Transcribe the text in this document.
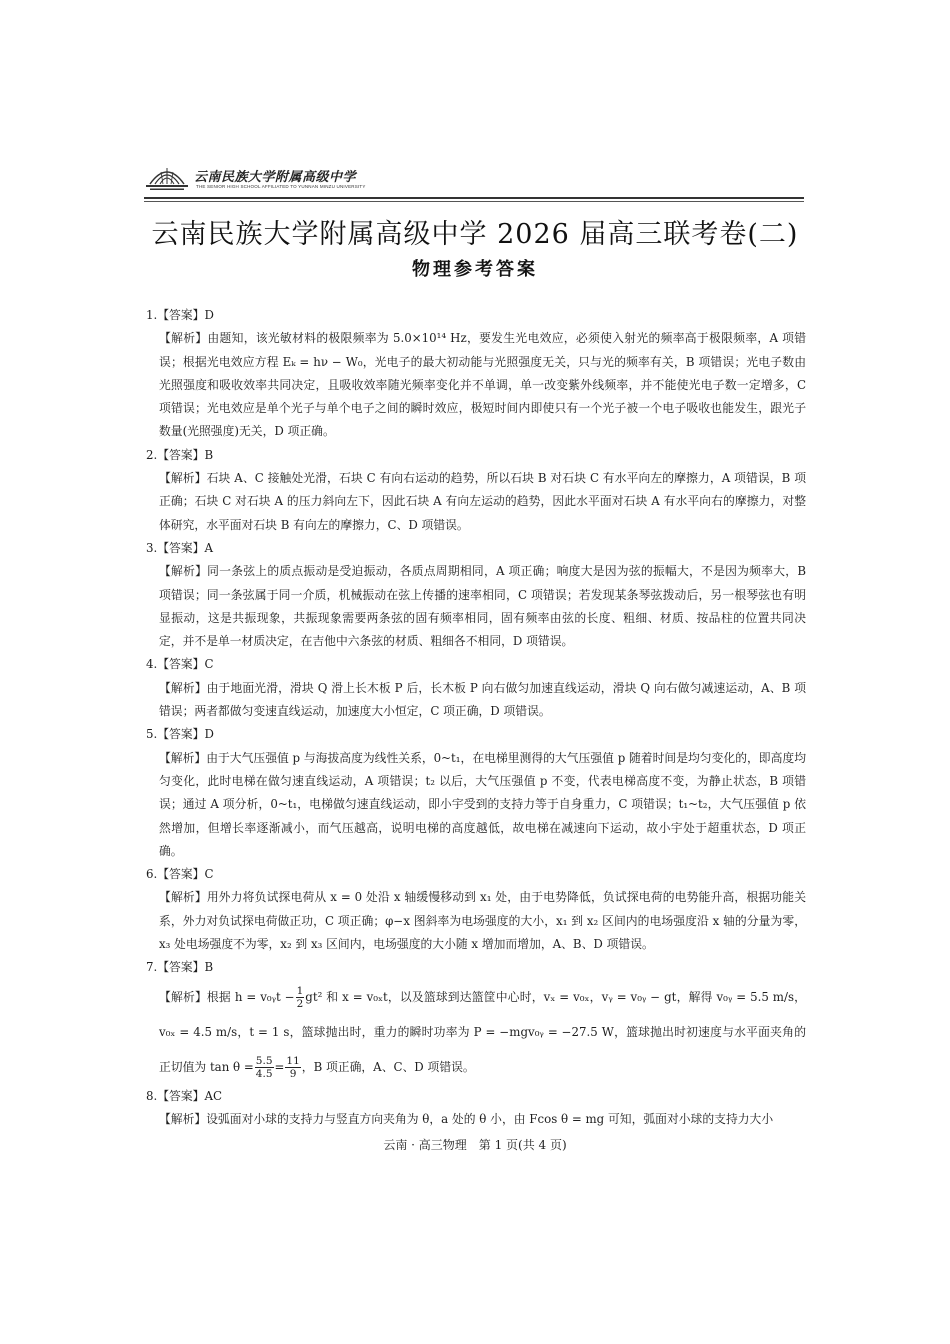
云南民族大学附属高级中学
THE SENIOR HIGH SCHOOL AFFILIATED TO YUNNAN MINZU UNIVERSITY
云南民族大学附属高级中学 2026 届高三联考卷(二)
物理参考答案

1.【答案】D

【解析】由题知，该光敏材料的极限频率为 5.0×10¹⁴ Hz，要发生光电效应，必须使入射光的频率高于极限频率，A 项错误；根据光电效应方程 Eₖ = hν − W₀，光电子的最大初动能与光照强度无关，只与光的频率有关，B 项错误；光电子数由光照强度和吸收效率共同决定，且吸收效率随光频率变化并不单调，单一改变紫外线频率，并不能使光电子数一定增多，C 项错误；光电效应是单个光子与单个电子之间的瞬时效应，极短时间内即使只有一个光子被一个电子吸收也能发生，跟光子数量(光照强度)无关，D 项正确。

2.【答案】B

【解析】石块 A、C 接触处光滑，石块 C 有向右运动的趋势，所以石块 B 对石块 C 有水平向左的摩擦力，A 项错误，B 项正确；石块 C 对石块 A 的压力斜向左下，因此石块 A 有向左运动的趋势，因此水平面对石块 A 有水平向右的摩擦力，对整体研究，水平面对石块 B 有向左的摩擦力，C、D 项错误。

3.【答案】A

【解析】同一条弦上的质点振动是受迫振动，各质点周期相同，A 项正确；响度大是因为弦的振幅大，不是因为频率大，B 项错误；同一条弦属于同一介质，机械振动在弦上传播的速率相同，C 项错误；若发现某条琴弦拨动后，另一根琴弦也有明显振动，这是共振现象，共振现象需要两条弦的固有频率相同，固有频率由弦的长度、粗细、材质、按品柱的位置共同决定，并不是单一材质决定，在吉他中六条弦的材质、粗细各不相同，D 项错误。

4.【答案】C

【解析】由于地面光滑，滑块 Q 滑上长木板 P 后，长木板 P 向右做匀加速直线运动，滑块 Q 向右做匀减速运动，A、B 项错误；两者都做匀变速直线运动，加速度大小恒定，C 项正确，D 项错误。

5.【答案】D

【解析】由于大气压强值 p 与海拔高度为线性关系，0~t₁，在电梯里测得的大气压强值 p 随着时间是均匀变化的，即高度均匀变化，此时电梯在做匀速直线运动，A 项错误；t₂ 以后，大气压强值 p 不变，代表电梯高度不变，为静止状态，B 项错误；通过 A 项分析，0~t₁，电梯做匀速直线运动，即小宇受到的支持力等于自身重力，C 项错误；t₁~t₂，大气压强值 p 依然增加，但增长率逐渐减小，而气压越高，说明电梯的高度越低，故电梯在减速向下运动，故小宇处于超重状态，D 项正确。

6.【答案】C

【解析】用外力将负试探电荷从 x = 0 处沿 x 轴缓慢移动到 x₁ 处，由于电势降低，负试探电荷的电势能升高，根据功能关系，外力对负试探电荷做正功，C 项正确；φ−x 图斜率为电场强度的大小，x₁ 到 x₂ 区间内的电场强度沿 x 轴的分量为零，x₃ 处电场强度不为零，x₂ 到 x₃ 区间内，电场强度的大小随 x 增加而增加，A、B、D 项错误。

7.【答案】B

【解析】根据 h = v₀ᵧt − $\frac{1}{2} gt^2$ 和 x = v₀ₓt，以及篮球到达篮筐中心时，vₓ = v₀ₓ，vᵧ = v₀ᵧ − gt，解得 v₀ᵧ = 5.5 m/s，v₀ₓ = 4.5 m/s，t = 1 s，篮球抛出时，重力的瞬时功率为 P = −mgv₀ᵧ = −27.5 W，篮球抛出时初速度与水平面夹角的正切值为 $\tan \theta = \frac{5.5}{4.5} = \frac{11}{9}$ ，B 项正确，A、C、D 项错误。

8.【答案】AC

【解析】设弧面对小球的支持力与竖直方向夹角为 θ，a 处的 θ 小，由 Fcos θ = mg 可知，弧面对小球的支持力大小

云南 · 高三物理　第 1 页(共 4 页)
